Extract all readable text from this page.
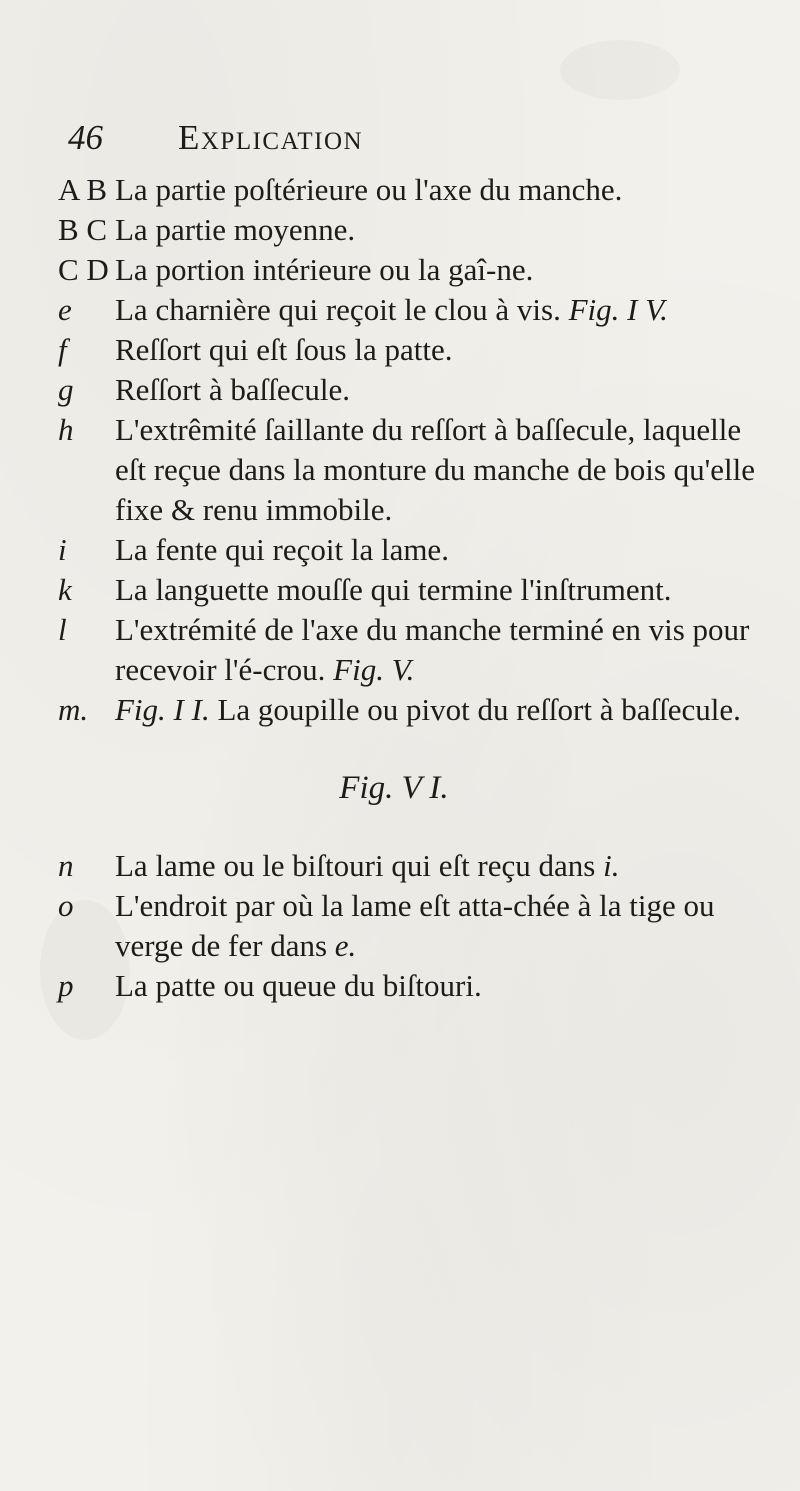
46 Explication

A B La partie poſtérieure ou l'axe du manche.

B C La partie moyenne.

C D La portion intérieure ou la gaî-ne.

e	La charnière qui reçoit le clou à vis. Fig. I V.

f	Reſſort qui eſt ſous la patte.

g	Reſſort à baſſecule.

h	L'extrêmité ſaillante du reſſort à baſſecule, laquelle eſt reçue dans la monture du manche de bois qu'elle fixe & renu immobile.

i	La fente qui reçoit la lame.

k	La languette mouſſe qui termine l'inſtrument.

l	L'extrémité de l'axe du manche terminé en vis pour recevoir l'é-crou. Fig. V.

m. Fig. I I. La goupille ou pivot du reſſort à baſſecule.

Fig. V I.

n	La lame ou le biſtouri qui eſt reçu dans i.

o	L'endroit par où la lame eſt atta-chée à la tige ou verge de fer dans e.

p	La patte ou queue du biſtouri.
